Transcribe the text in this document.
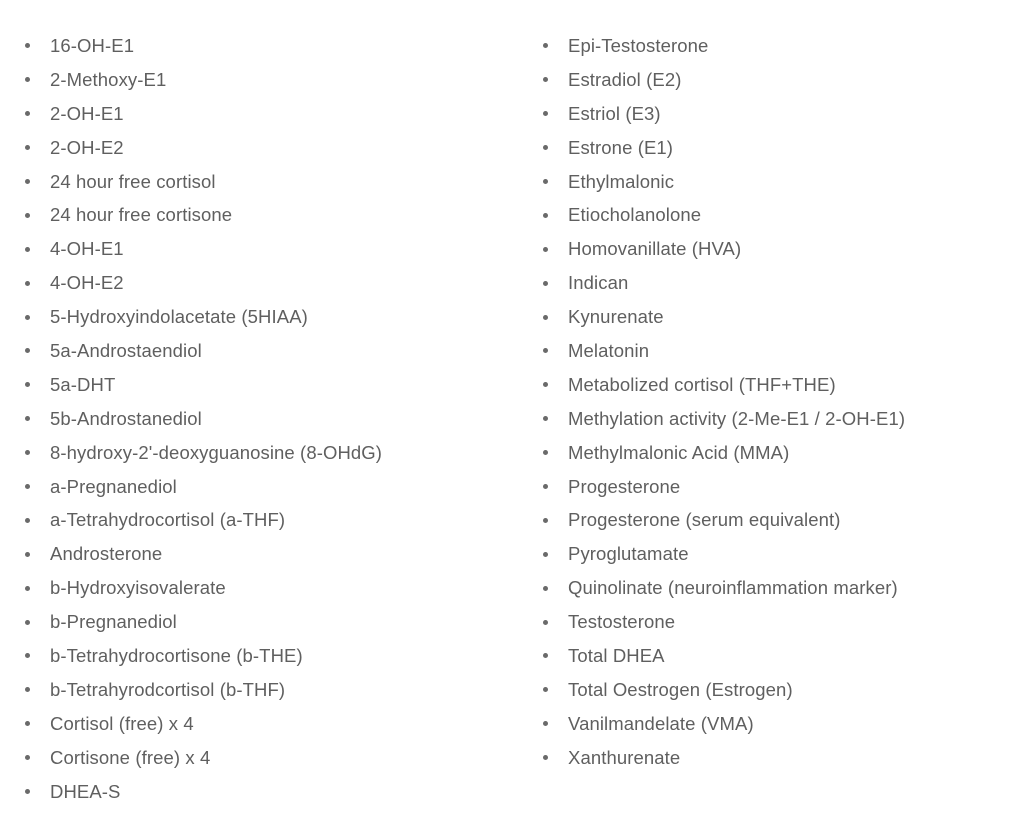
16-OH-E1
2-Methoxy-E1
2-OH-E1
2-OH-E2
24 hour free cortisol
24 hour free cortisone
4-OH-E1
4-OH-E2
5-Hydroxyindolacetate (5HIAA)
5a-Androstaendiol
5a-DHT
5b-Androstanediol
8-hydroxy-2'-deoxyguanosine (8-OHdG)
a-Pregnanediol
a-Tetrahydrocortisol (a-THF)
Androsterone
b-Hydroxyisovalerate
b-Pregnanediol
b-Tetrahydrocortisone (b-THE)
b-Tetrahyrodcortisol (b-THF)
Cortisol (free) x 4
Cortisone (free) x 4
DHEA-S
Epi-Testosterone
Estradiol (E2)
Estriol (E3)
Estrone (E1)
Ethylmalonic
Etiocholanolone
Homovanillate (HVA)
Indican
Kynurenate
Melatonin
Metabolized cortisol (THF+THE)
Methylation activity (2-Me-E1 / 2-OH-E1)
Methylmalonic Acid (MMA)
Progesterone
Progesterone (serum equivalent)
Pyroglutamate
Quinolinate (neuroinflammation marker)
Testosterone
Total DHEA
Total Oestrogen (Estrogen)
Vanilmandelate (VMA)
Xanthurenate
